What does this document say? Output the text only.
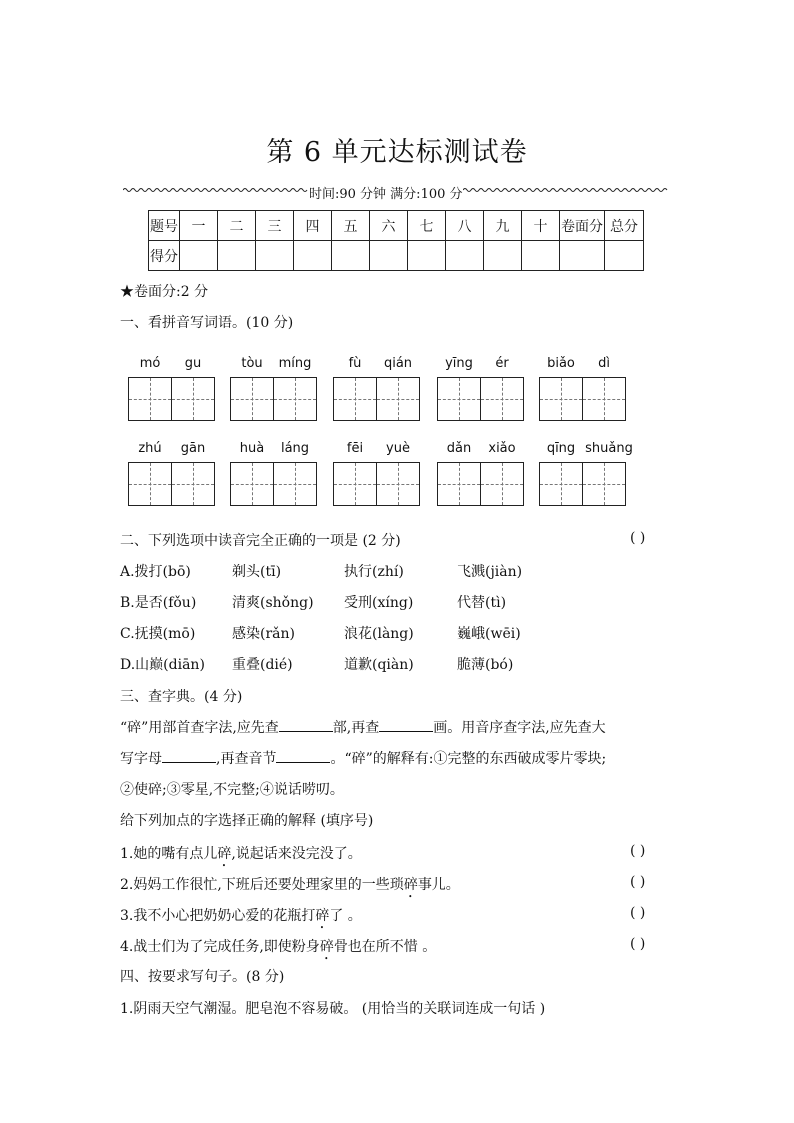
第 6 单元达标测试卷
时间:90 分钟 满分:100 分
题号	一	二	三	四	五	六	七	八	九	十	卷面分	总分
得分												
★卷面分:2 分
一、看拼音写词语。(10 分)
mó	gu	tòu	míng	fù	qián	yīng	ér	biǎo	dì
zhú	gān	huà	láng	fēi	yuè	dǎn	xiǎo	qīng shuǎng
二、下列选项中读音完全正确的一项是 (2 分)	( )
A.拨打(bō)	剃头(tī)	执行(zhí)	飞溅(jiàn)
B.是否(fǒu)	清爽(shǒng) 受刑(xíng)	代替(tì)
C.抚摸(mō)	感染(rǎn)	浪花(làng)	巍峨(wēi)
D.山巅(diān) 重叠(dié)	道歉(qiàn)	脆薄(bó)
三、查字典。(4 分)
“碎”用部首查字法,应先查	部,再查	画。用音序查字法,应先查大
写字母	,再查音节	。“碎”的解释有:①完整的东西破成零片零块;
②使碎;③零星,不完整;④说话唠叨。
给下列加点的字选择正确的解释 (填序号)
1.她的嘴有点儿碎,说起话来没完没了。	( )
2.妈妈工作很忙,下班后还要处理家里的一些琐碎事儿。	( )
3.我不小心把奶奶心爱的花瓶打碎了 。	( )
4.战士们为了完成任务,即使粉身碎骨也在所不惜 。	( )
四、按要求写句子。(8 分)
1.阴雨天空气潮湿。肥皂泡不容易破。 (用恰当的关联词连成一句话 )
